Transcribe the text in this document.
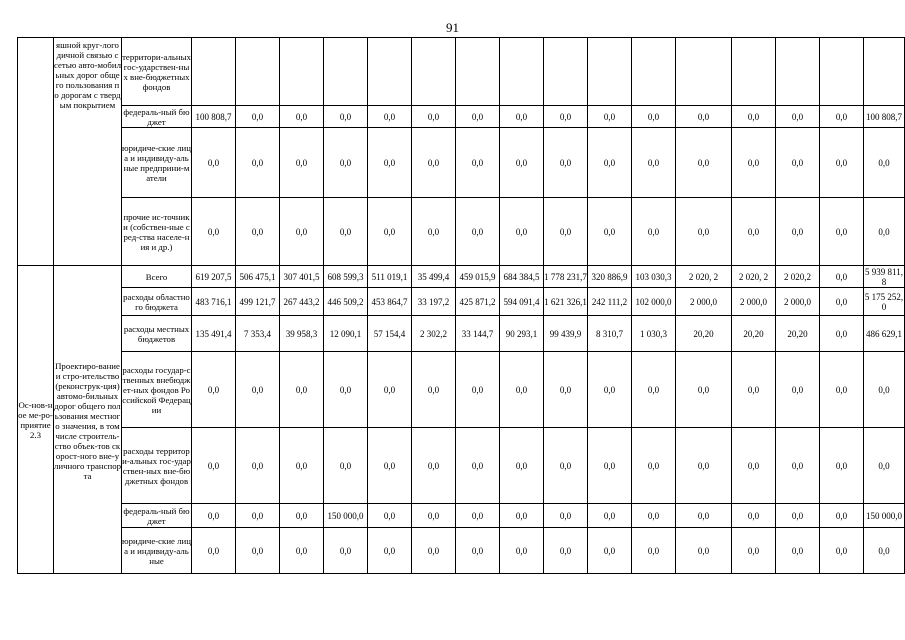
91
	яшной круг-логодичной связью с сетью авто-мобильных дорог общего пользования по дорогам с твердым покрытием	территори-альных гос-ударствен-ных вне-бюджетных фондов																
		федераль-ный бюджет	100 808,7	0,0	0,0	0,0	0,0	0,0	0,0	0,0	0,0	0,0	0,0	0,0	0,0	0,0	0,0	100 808,7
		юридиче-ские лица и индивиду-альные предприни-матели	0,0	0,0	0,0	0,0	0,0	0,0	0,0	0,0	0,0	0,0	0,0	0,0	0,0	0,0	0,0	0,0
		прочие ис-точники (собствен-ные сред-ства населе-ния и др.)	0,0	0,0	0,0	0,0	0,0	0,0	0,0	0,0	0,0	0,0	0,0	0,0	0,0	0,0	0,0	0,0
Ос-нов-ное ме-ро-приятие 2.3	Проектиро-вание и стро-ительство (реконструк-ция) автомо-бильных дорог общего пользования местного значения, в том числе строитель-ство объек-тов скорост-ного вне-уличного транспорта	Всего	619 207,5	506 475,1	307 401,5	608 599,3	511 019,1	35 499,4	459 015,9	684 384,5	1 778 231,7	320 886,9	103 030,3	2 020, 2	2 020, 2	2 020,2	0,0	5 939 811,8
		расходы областного бюджета	483 716,1	499 121,7	267 443,2	446 509,2	453 864,7	33 197,2	425 871,2	594 091,4	1 621 326,1	242 111,2	102 000,0	2 000,0	2 000,0	2 000,0	0,0	5 175 252,0
		расходы местных бюджетов	135 491,4	7 353,4	39 958,3	12 090,1	57 154,4	2 302,2	33 144,7	90 293,1	99 439,9	8 310,7	1 030,3	20,20	20,20	20,20	0,0	486 629,1
		расходы государ-ственных внебюджет-ных фондов Российской Федерации	0,0	0,0	0,0	0,0	0,0	0,0	0,0	0,0	0,0	0,0	0,0	0,0	0,0	0,0	0,0	0,0
		расходы территори-альных гос-ударствен-ных вне-бюджетных фондов	0,0	0,0	0,0	0,0	0,0	0,0	0,0	0,0	0,0	0,0	0,0	0,0	0,0	0,0	0,0	0,0
		федераль-ный бюджет	0,0	0,0	0,0	150 000,0	0,0	0,0	0,0	0,0	0,0	0,0	0,0	0,0	0,0	0,0	0,0	150 000,0
		юридиче-ские лица и индивиду-альные	0,0	0,0	0,0	0,0	0,0	0,0	0,0	0,0	0,0	0,0	0,0	0,0	0,0	0,0	0,0	0,0
